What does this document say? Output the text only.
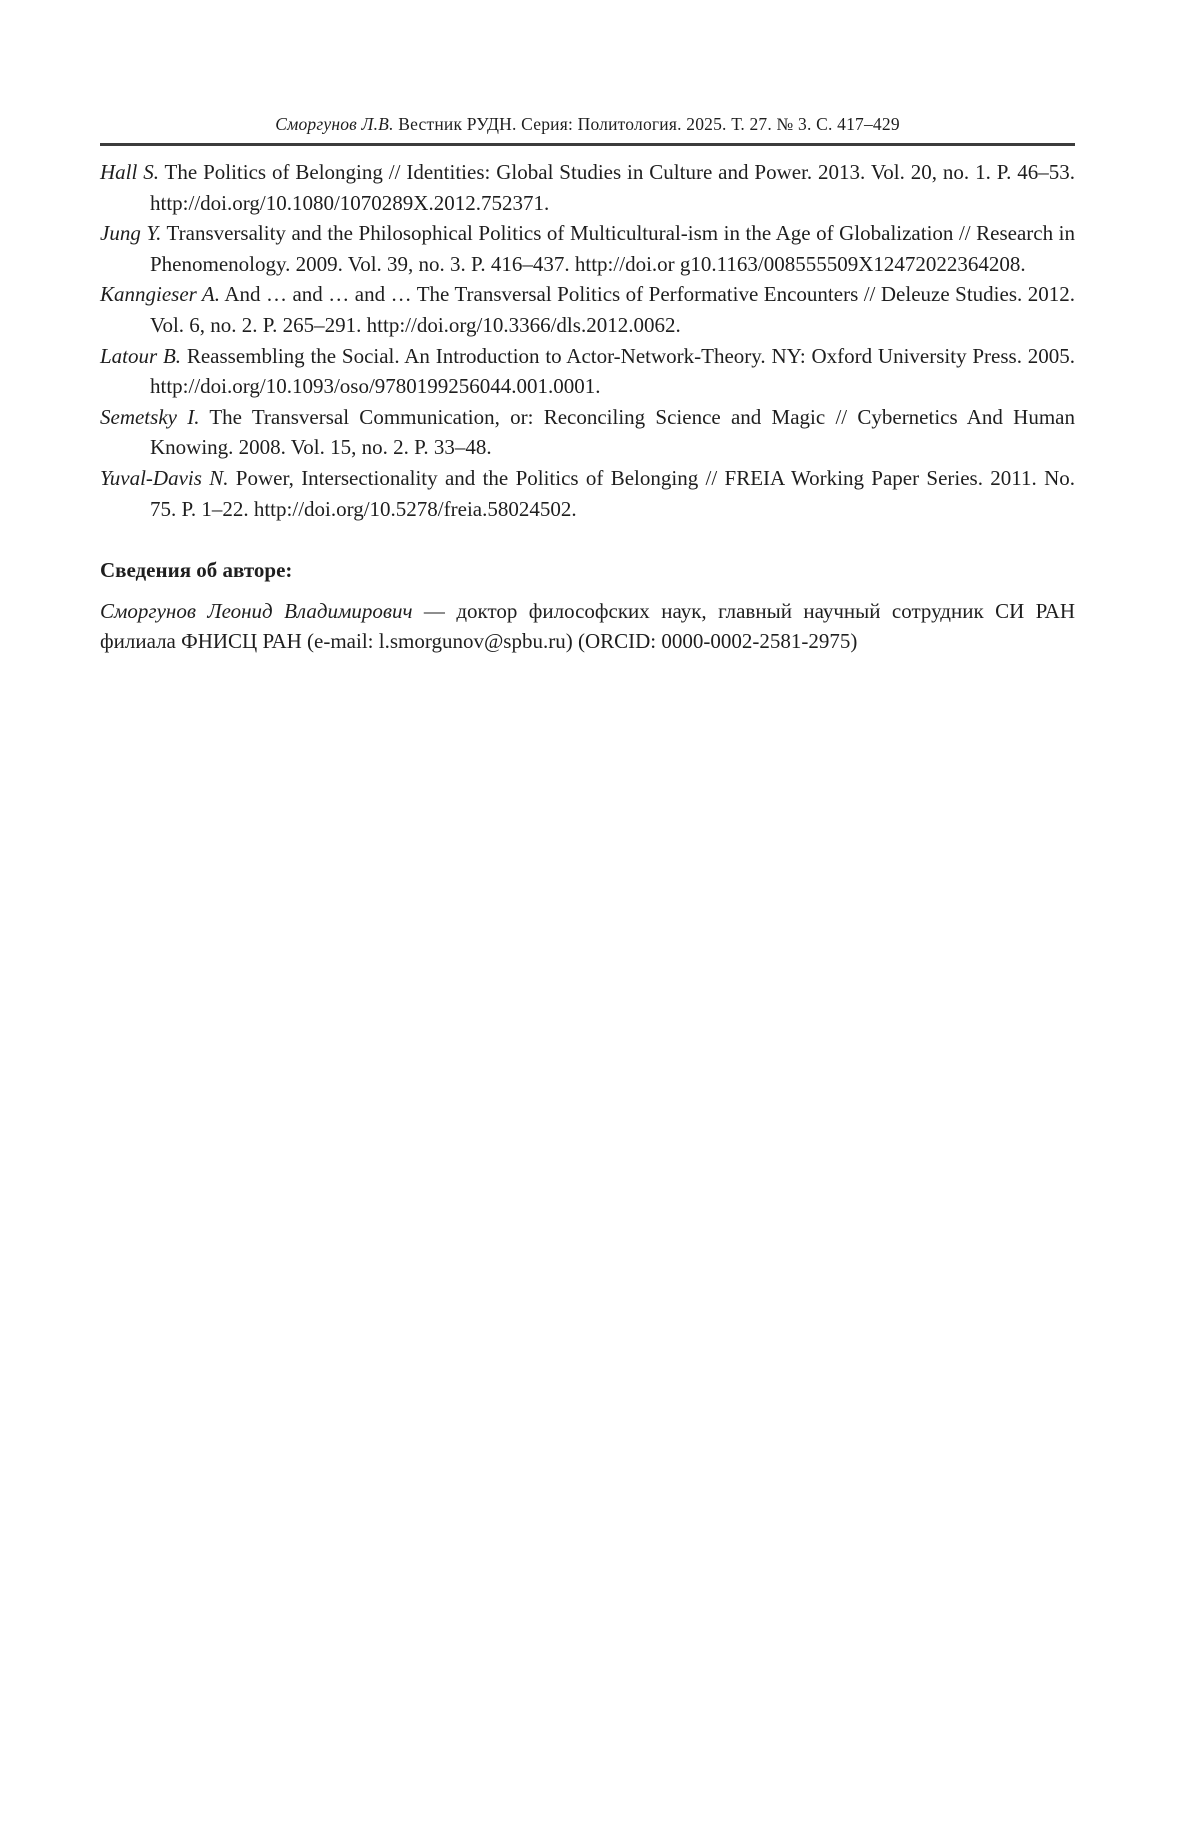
Сморгунов Л.В. Вестник РУДН. Серия: Политология. 2025. Т. 27. № 3. С. 417–429

Hall S. The Politics of Belonging // Identities: Global Studies in Culture and Power. 2013. Vol. 20, no. 1. P. 46–53. http://doi.org/10.1080/1070289X.2012.752371.

Jung Y. Transversality and the Philosophical Politics of Multicultural-ism in the Age of Globalization // Research in Phenomenology. 2009. Vol. 39, no. 3. P. 416–437. http://doi.or g10.1163/008555509X12472022364208.

Kanngieser A. And … and … and … The Transversal Politics of Performative Encounters // Deleuze Studies. 2012. Vol. 6, no. 2. P. 265–291. http://doi.org/10.3366/dls.2012.0062.

Latour B. Reassembling the Social. An Introduction to Actor-Network-Theory. NY: Oxford University Press. 2005. http://doi.org/10.1093/oso/9780199256044.001.0001.

Semetsky I. The Transversal Communication, or: Reconciling Science and Magic // Cybernetics And Human Knowing. 2008. Vol. 15, no. 2. P. 33–48.

Yuval-Davis N. Power, Intersectionality and the Politics of Belonging // FREIA Working Paper Series. 2011. No. 75. P. 1–22. http://doi.org/10.5278/freia.58024502.

Сведения об авторе:

Сморгунов Леонид Владимирович — доктор философских наук, главный научный сотрудник СИ РАН филиала ФНИСЦ РАН (e-mail: l.smorgunov@spbu.ru) (ORCID: 0000-0002-2581-2975)
